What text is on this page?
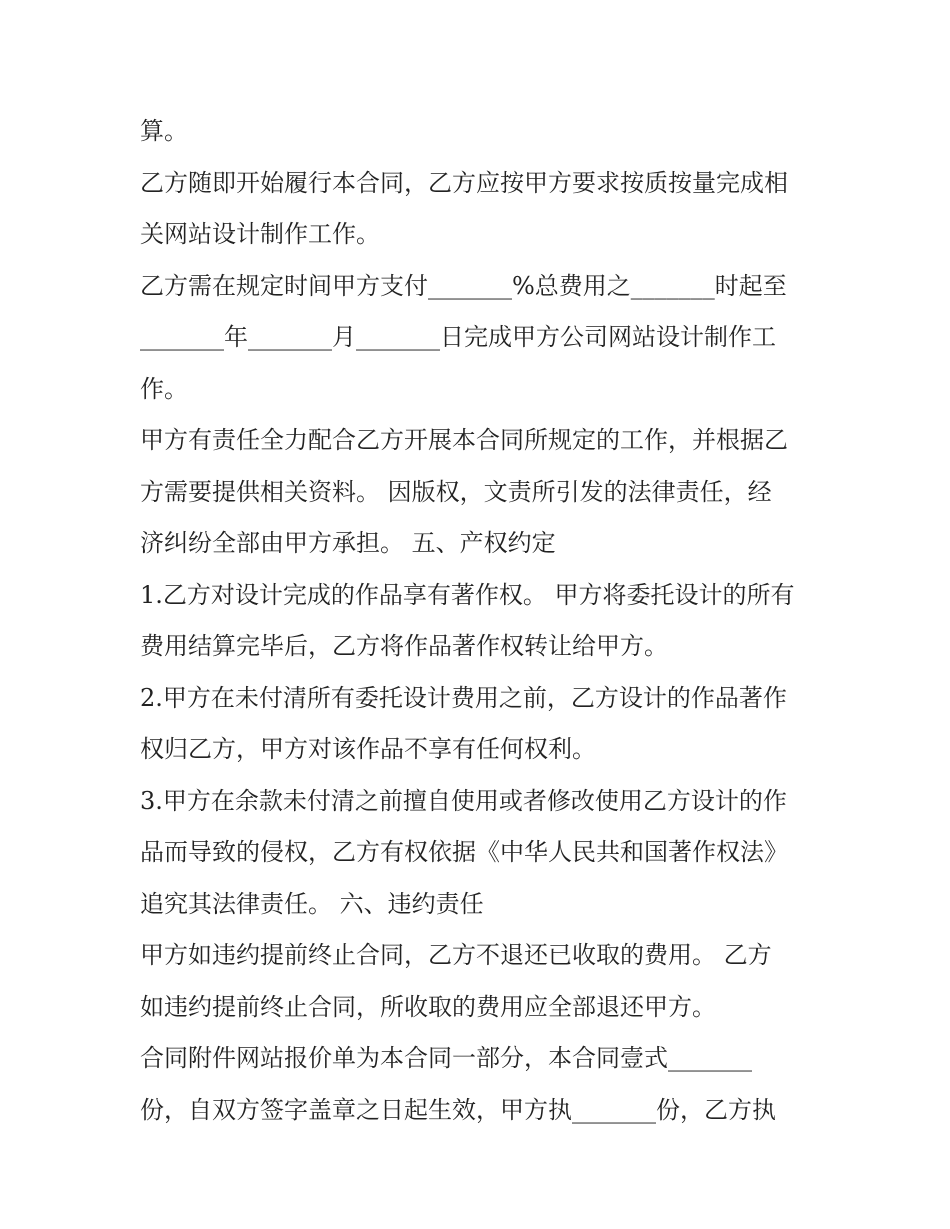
算。
乙方随即开始履行本合同，乙方应按甲方要求按质按量完成相
关网站设计制作工作。
乙方需在规定时间甲方支付_______%总费用之_______时起至
_______年_______月_______日完成甲方公司网站设计制作工
作。
甲方有责任全力配合乙方开展本合同所规定的工作，并根据乙
方需要提供相关资料。 因版权，文责所引发的法律责任，经
济纠纷全部由甲方承担。 五、产权约定
1.乙方对设计完成的作品享有著作权。 甲方将委托设计的所有
费用结算完毕后，乙方将作品著作权转让给甲方。
2.甲方在未付清所有委托设计费用之前，乙方设计的作品著作
权归乙方，甲方对该作品不享有任何权利。
3.甲方在余款未付清之前擅自使用或者修改使用乙方设计的作
品而导致的侵权，乙方有权依据《中华人民共和国著作权法》
追究其法律责任。 六、违约责任
甲方如违约提前终止合同，乙方不退还已收取的费用。 乙方
如违约提前终止合同，所收取的费用应全部退还甲方。
合同附件网站报价单为本合同一部分，本合同壹式_______
份，自双方签字盖章之日起生效，甲方执_______份，乙方执
